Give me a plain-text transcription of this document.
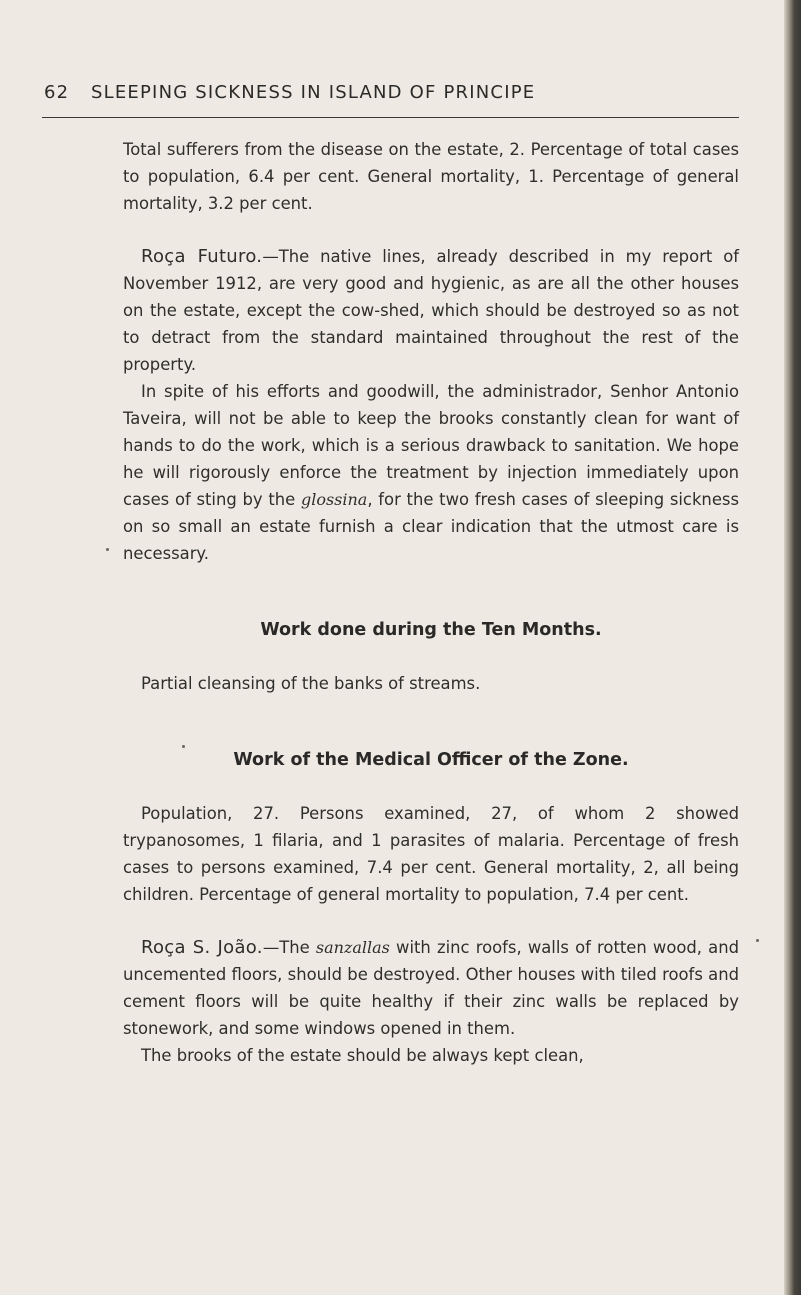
62 SLEEPING SICKNESS IN ISLAND OF PRINCIPE

Total sufferers from the disease on the estate, 2. Percentage of total cases to population, 6.4 per cent. General mortality, 1. Percentage of general mortality, 3.2 per cent.

Roça Futuro.—The native lines, already described in my report of November 1912, are very good and hygienic, as are all the other houses on the estate, except the cow-shed, which should be destroyed so as not to detract from the standard maintained throughout the rest of the property.

In spite of his efforts and goodwill, the administrador, Senhor Antonio Taveira, will not be able to keep the brooks constantly clean for want of hands to do the work, which is a serious drawback to sanitation. We hope he will rigorously enforce the treatment by injection immediately upon cases of sting by the glossina, for the two fresh cases of sleeping sickness on so small an estate furnish a clear indication that the utmost care is necessary.

Work done during the Ten Months.

Partial cleansing of the banks of streams.

Work of the Medical Officer of the Zone.

Population, 27. Persons examined, 27, of whom 2 showed trypanosomes, 1 filaria, and 1 parasites of malaria. Percentage of fresh cases to persons examined, 7.4 per cent. General mortality, 2, all being children. Percentage of general mortality to population, 7.4 per cent.

Roça S. João.—The sanzallas with zinc roofs, walls of rotten wood, and uncemented floors, should be destroyed. Other houses with tiled roofs and cement floors will be quite healthy if their zinc walls be replaced by stonework, and some windows opened in them.

The brooks of the estate should be always kept clean,
